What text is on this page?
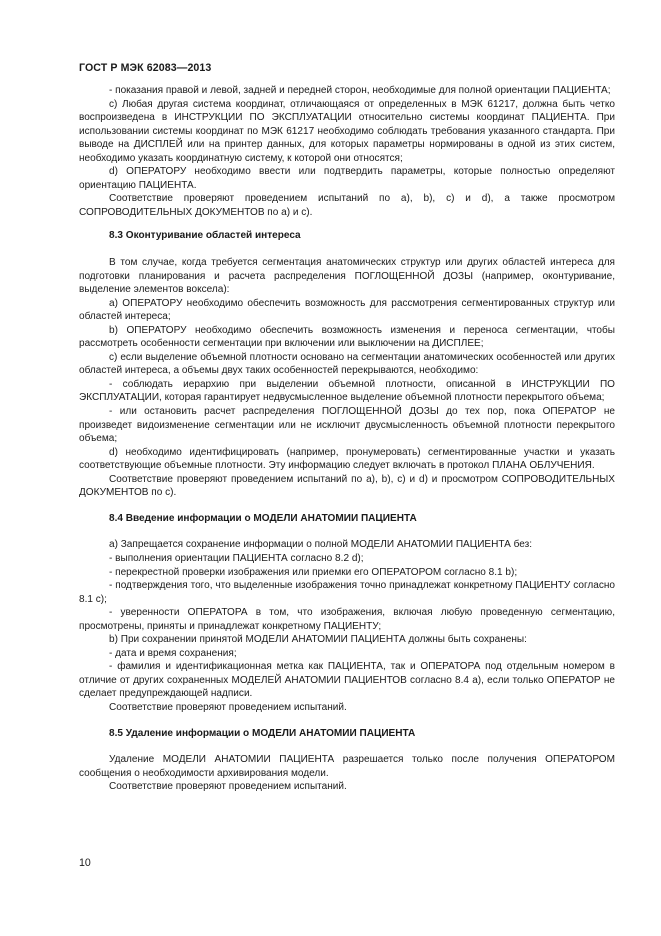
ГОСТ Р МЭК 62083—2013

- показания правой и левой, задней и передней сторон, необходимые для полной ориентации ПАЦИЕНТА;

с) Любая другая система координат, отличающаяся от определенных в МЭК 61217, должна быть четко воспроизведена в ИНСТРУКЦИИ ПО ЭКСПЛУАТАЦИИ относительно системы координат ПАЦИЕНТА. При использовании системы координат по МЭК 61217 необходимо соблюдать требования указанного стандарта. При выводе на ДИСПЛЕЙ или на принтер данных, для которых параметры нормированы в одной из этих систем, необходимо указать координатную систему, к которой они относятся;

d) ОПЕРАТОРУ необходимо ввести или подтвердить параметры, которые полностью определяют ориентацию ПАЦИЕНТА.

Соответствие проверяют проведением испытаний по а), b), с) и d), а также просмотром СОПРОВОДИТЕЛЬНЫХ ДОКУМЕНТОВ по а) и с).

8.3 Оконтуривание областей интереса

В том случае, когда требуется сегментация анатомических структур или других областей интереса для подготовки планирования и расчета распределения ПОГЛОЩЕННОЙ ДОЗЫ (например, оконтуривание, выделение элементов воксела):

а) ОПЕРАТОРУ необходимо обеспечить возможность для рассмотрения сегментированных структур или областей интереса;

b) ОПЕРАТОРУ необходимо обеспечить возможность изменения и переноса сегментации, чтобы рассмотреть особенности сегментации при включении или выключении на ДИСПЛЕЕ;

с) если выделение объемной плотности основано на сегментации анатомических особенностей или других областей интереса, а объемы двух таких особенностей перекрываются, необходимо:

- соблюдать иерархию при выделении объемной плотности, описанной в ИНСТРУКЦИИ ПО ЭКСПЛУАТАЦИИ, которая гарантирует недвусмысленное выделение объемной плотности перекрытого объема;

- или остановить расчет распределения ПОГЛОЩЕННОЙ ДОЗЫ до тех пор, пока ОПЕРАТОР не произведет видоизменение сегментации или не исключит двусмысленность объемной плотности перекрытого объема;

d) необходимо идентифицировать (например, пронумеровать) сегментированные участки и указать соответствующие объемные плотности. Эту информацию следует включать в протокол ПЛАНА ОБЛУЧЕНИЯ.

Соответствие проверяют проведением испытаний по а), b), с) и d) и просмотром СОПРОВОДИТЕЛЬНЫХ ДОКУМЕНТОВ по с).

8.4 Введение информации о МОДЕЛИ АНАТОМИИ ПАЦИЕНТА

а) Запрещается сохранение информации о полной МОДЕЛИ АНАТОМИИ ПАЦИЕНТА без:

- выполнения ориентации ПАЦИЕНТА согласно 8.2 d);

- перекрестной проверки изображения или приемки его ОПЕРАТОРОМ согласно 8.1 b);

- подтверждения того, что выделенные изображения точно принадлежат конкретному ПАЦИЕНТУ согласно 8.1 с);

- уверенности ОПЕРАТОРА в том, что изображения, включая любую проведенную сегментацию, просмотрены, приняты и принадлежат конкретному ПАЦИЕНТУ;

b) При сохранении принятой МОДЕЛИ АНАТОМИИ ПАЦИЕНТА должны быть сохранены:

- дата и время сохранения;

- фамилия и идентификационная метка как ПАЦИЕНТА, так и ОПЕРАТОРА под отдельным номером в отличие от других сохраненных МОДЕЛЕЙ АНАТОМИИ ПАЦИЕНТОВ согласно 8.4 а), если только ОПЕРАТОР не сделает предупреждающей надписи.

Соответствие проверяют проведением испытаний.

8.5 Удаление информации о МОДЕЛИ АНАТОМИИ ПАЦИЕНТА

Удаление МОДЕЛИ АНАТОМИИ ПАЦИЕНТА разрешается только после получения ОПЕРАТОРОМ сообщения о необходимости архивирования модели.

Соответствие проверяют проведением испытаний.

10
